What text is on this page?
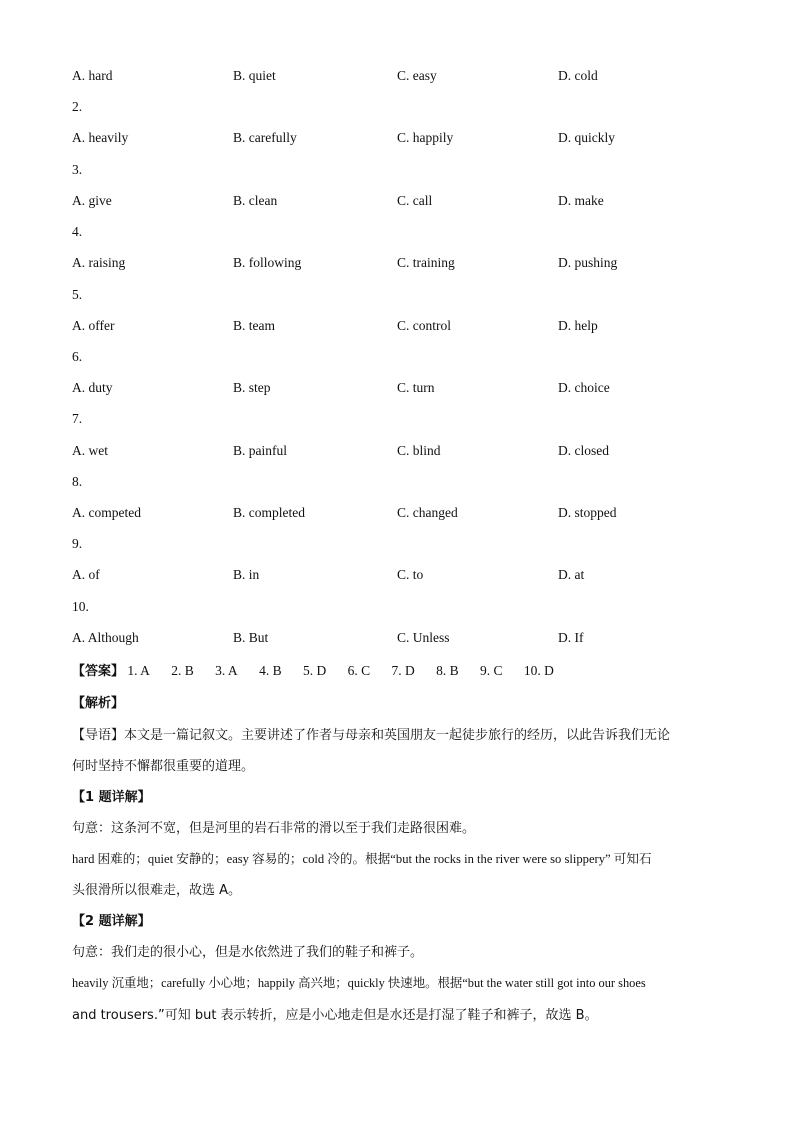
A. hard	B. quiet	C. easy	D. cold
2.
A. heavily	B. carefully	C. happily	D. quickly
3.
A. give	B. clean	C. call	D. make
4.
A. raising	B. following	C. training	D. pushing
5.
A. offer	B. team	C. control	D. help
6.
A. duty	B. step	C. turn	D. choice
7.
A. wet	B. painful	C. blind	D. closed
8.
A. competed	B. completed	C. changed	D. stopped
9.
A. of	B. in	C. to	D. at
10.
A. Although	B. But	C. Unless	D. If
【答案】 1. A 2. B 3. A 4. B 5. D 6. C 7. D 8. B 9. C 10. D
【解析】
【导语】本文是一篇记叙文。主要讲述了作者与母亲和英国朋友一起徒步旅行的经历，以此告诉我们无论
何时坚持不懈都很重要的道理。
【1 题详解】
句意：这条河不宽，但是河里的岩石非常的滑以至于我们走路很困难。
hard 困难的；quiet 安静的；easy 容易的；cold 冷的。根据“but the rocks in the river were so slippery” 可知石
头很滑所以很难走，故选 A。
【2 题详解】
句意：我们走的很小心，但是水依然进了我们的鞋子和裤子。
heavily 沉重地；carefully 小心地；happily 高兴地；quickly 快速地。根据“but the water still got into our shoes
and trousers.”可知 but 表示转折，应是小心地走但是水还是打湿了鞋子和裤子，故选 B。
